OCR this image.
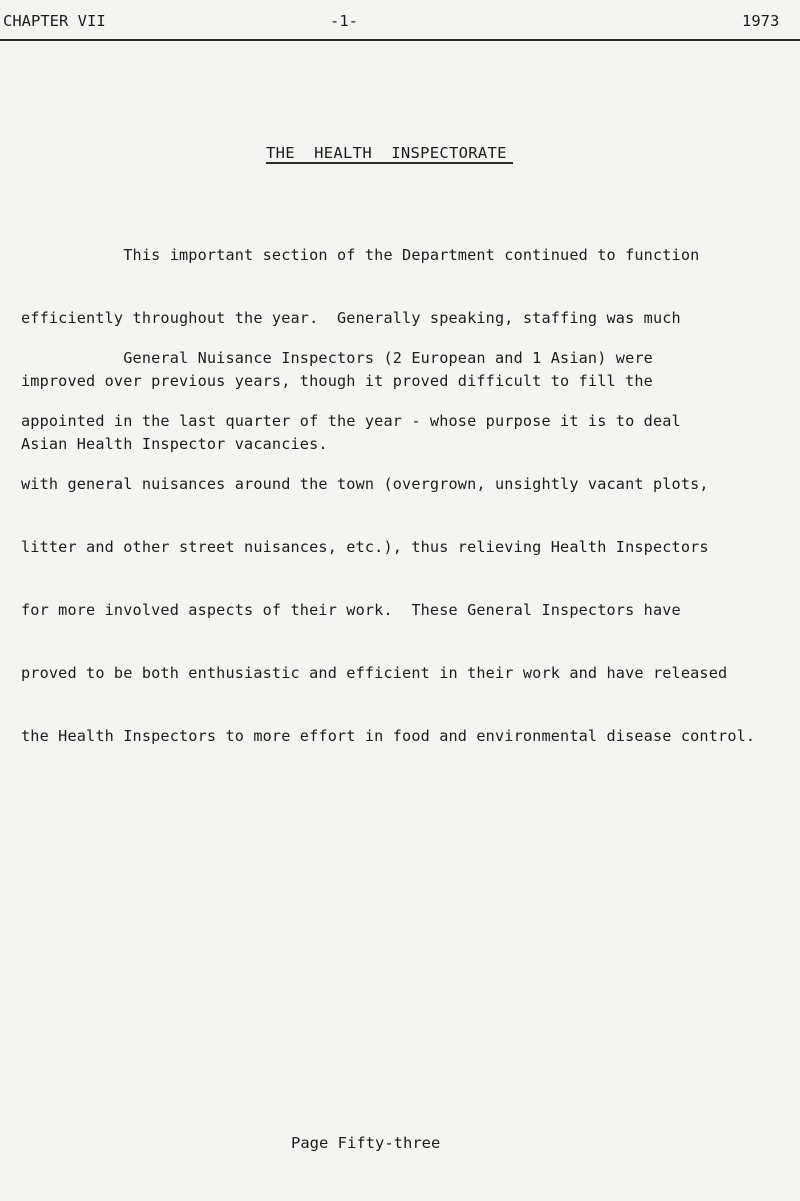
CHAPTER VII	-1-	1973
THE  HEALTH  INSPECTORATE

This important section of the Department continued to function

efficiently throughout the year.  Generally speaking, staffing was much

improved over previous years, though it proved difficult to fill the

Asian Health Inspector vacancies.

General Nuisance Inspectors (2 European and 1 Asian) were

appointed in the last quarter of the year - whose purpose it is to deal

with general nuisances around the town (overgrown, unsightly vacant plots,

litter and other street nuisances, etc.), thus relieving Health Inspectors

for more involved aspects of their work.  These General Inspectors have

proved to be both enthusiastic and efficient in their work and have released

the Health Inspectors to more effort in food and environmental disease control.

Page Fifty-three
